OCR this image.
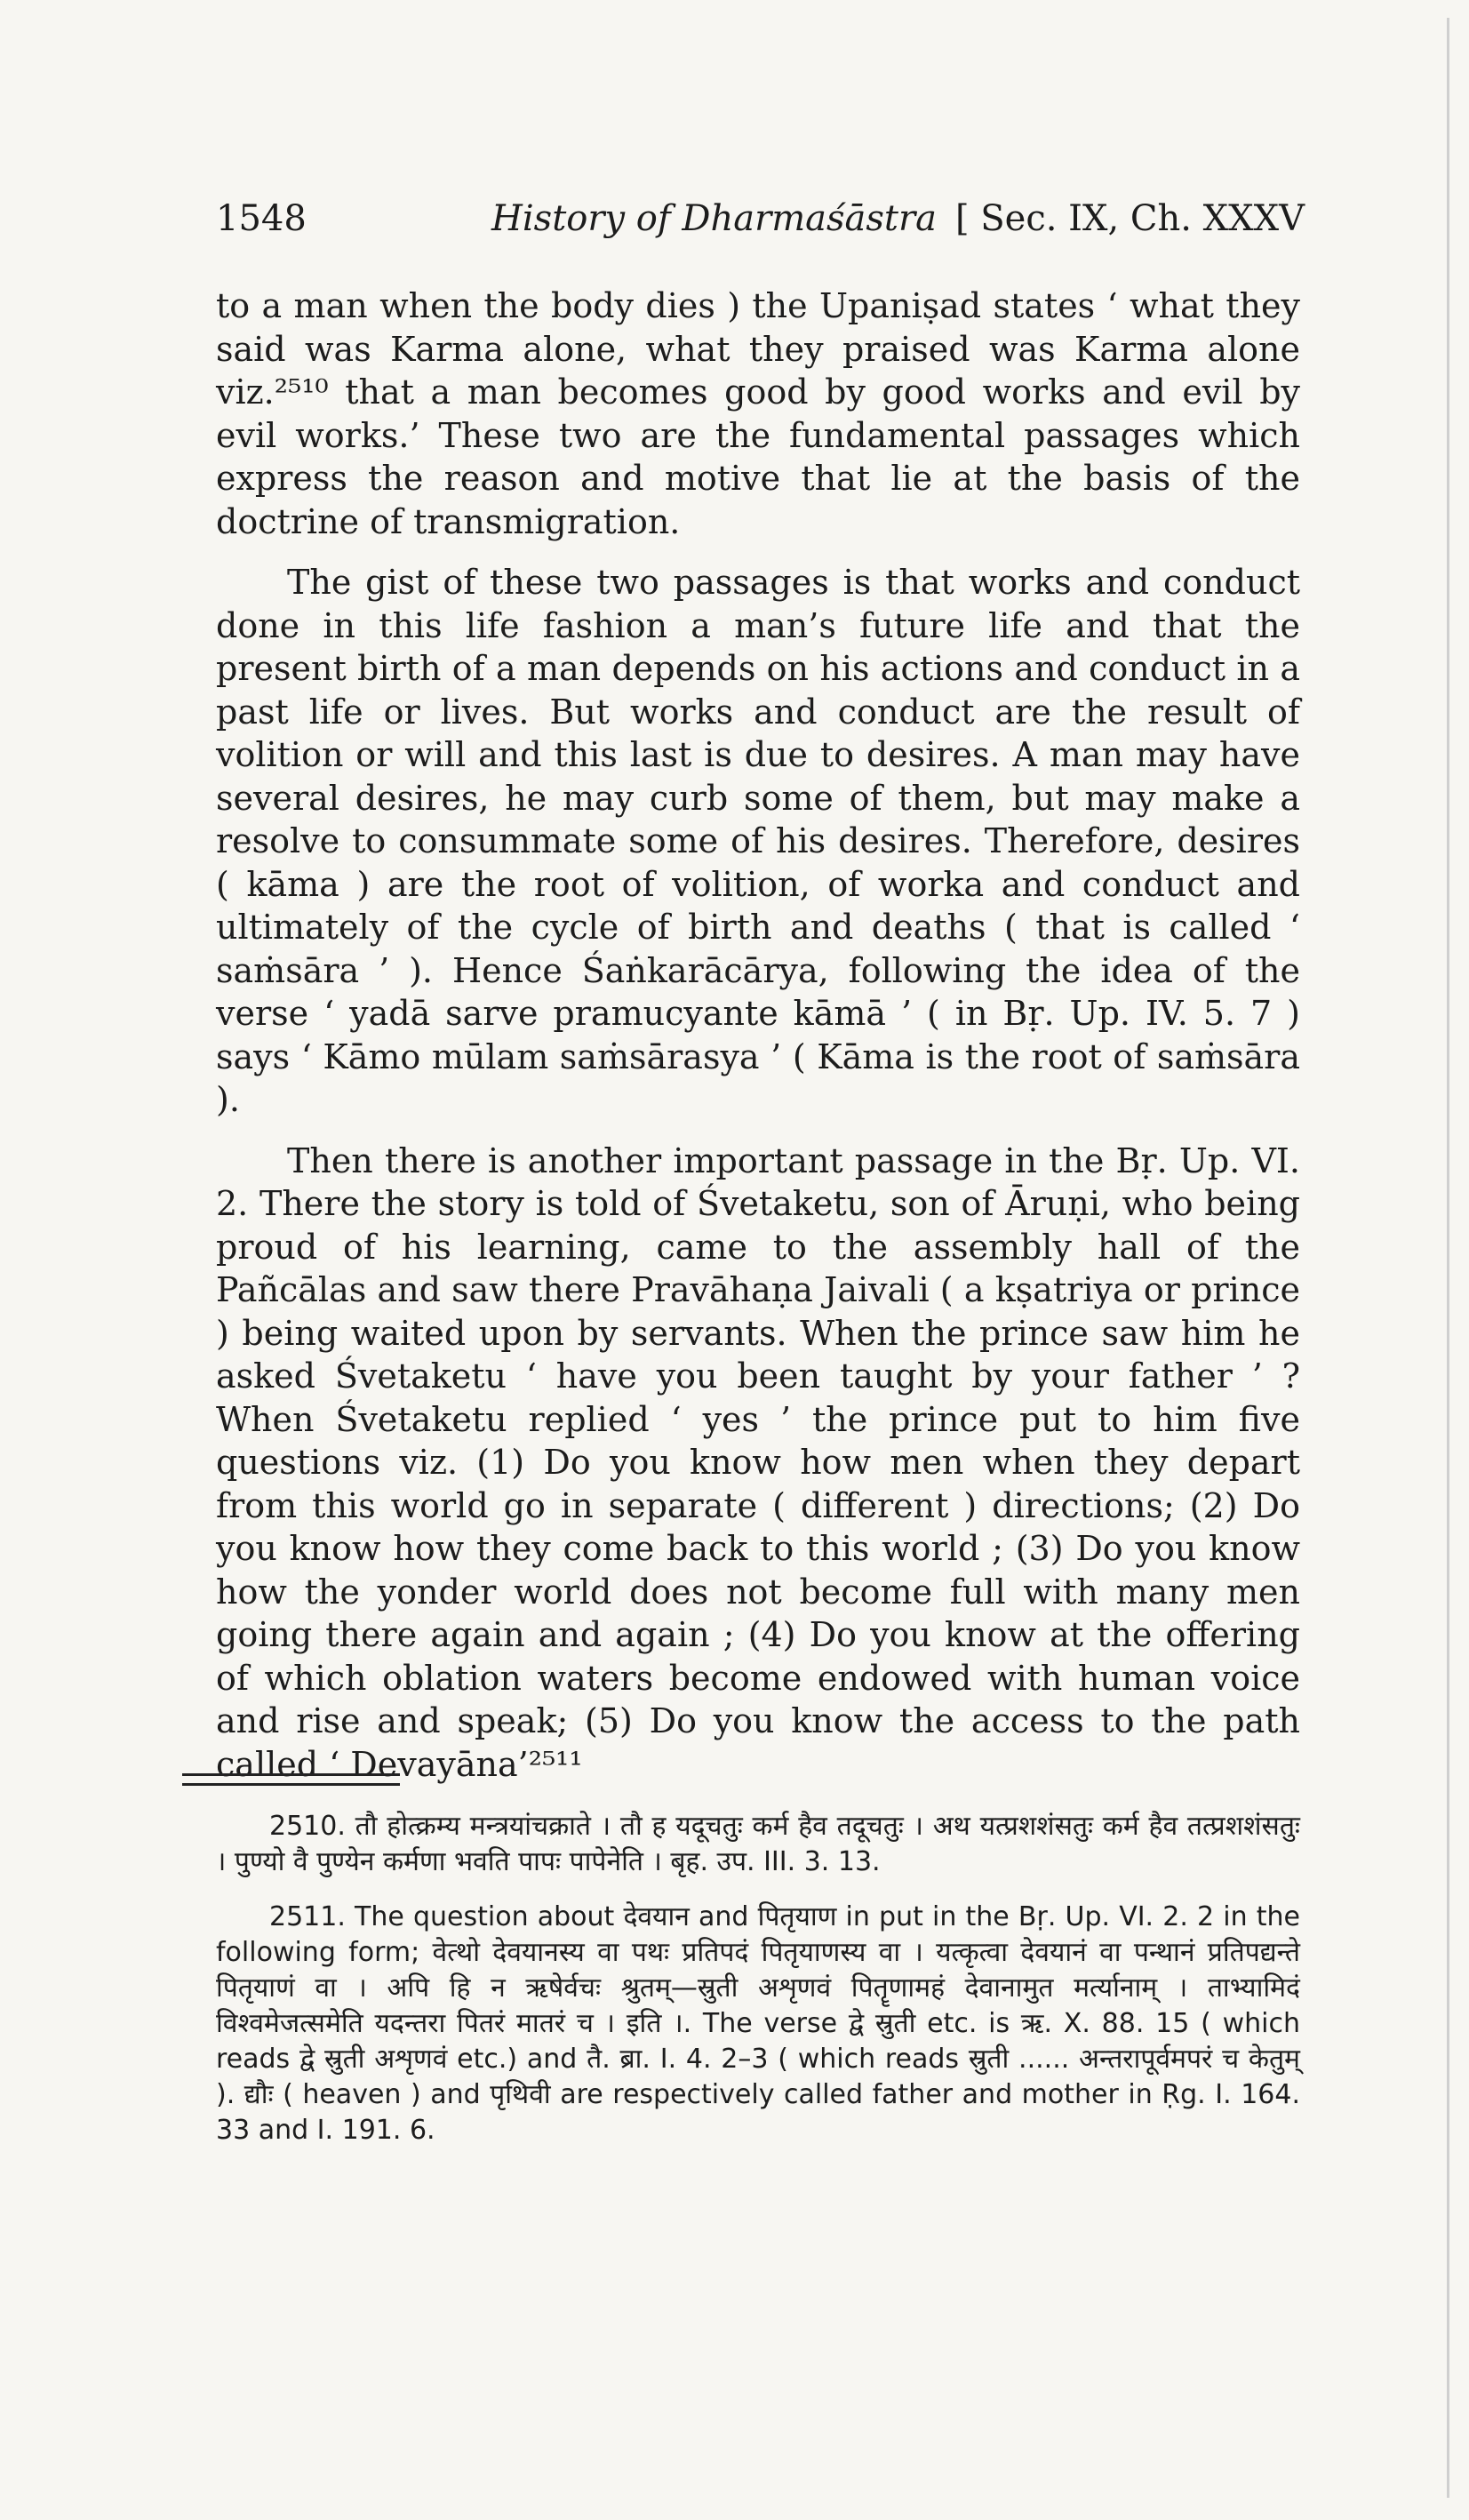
1548	History of Dharmaśāstra [ Sec. IX, Ch. XXXV

to a man when the body dies ) the Upaniṣad states ‘ what they said was Karma alone, what they praised was Karma alone viz.²⁵¹⁰ that a man becomes good by good works and evil by evil works.’ These two are the fundamental passages which express the reason and motive that lie at the basis of the doctrine of transmigration.

The gist of these two passages is that works and conduct done in this life fashion a man’s future life and that the present birth of a man depends on his actions and conduct in a past life or lives. But works and conduct are the result of volition or will and this last is due to desires. A man may have several desires, he may curb some of them, but may make a resolve to consummate some of his desires. Therefore, desires ( kāma ) are the root of volition, of worka and conduct and ultimately of the cycle of birth and deaths ( that is called ‘ saṁsāra ’ ). Hence Śaṅkarācārya, following the idea of the verse ‘ yadā sarve pramucyante kāmā ’ ( in Bṛ. Up. IV. 5. 7 ) says ‘ Kāmo mūlam saṁsārasya ’ ( Kāma is the root of saṁsāra ).

Then there is another important passage in the Bṛ. Up. VI. 2. There the story is told of Śvetaketu, son of Āruṇi, who being proud of his learning, came to the assembly hall of the Pañcālas and saw there Pravāhaṇa Jaivali ( a kṣatriya or prince ) being waited upon by servants. When the prince saw him he asked Śvetaketu ‘ have you been taught by your father ’ ? When Śvetaketu replied ‘ yes ’ the prince put to him five questions viz. (1) Do you know how men when they depart from this world go in separate ( different ) directions; (2) Do you know how they come back to this world ; (3) Do you know how the yonder world does not become full with many men going there again and again ; (4) Do you know at the offering of which oblation waters become endowed with human voice and rise and speak; (5) Do you know the access to the path called ‘ Devayāna’²⁵¹¹

2510. तौ होत्क्रम्य मन्त्रयांचक्राते । तौ ह यदूचतुः कर्म हैव तदूचतुः । अथ यत्प्रशशंसतुः कर्म हैव तत्प्रशशंसतुः । पुण्यो वै पुण्येन कर्मणा भवति पापः पापेनेति । बृह. उप. III. 3. 13.

2511. The question about देवयान and पितृयाण in put in the Bṛ. Up. VI. 2. 2 in the following form; वेत्थो देवयानस्य वा पथः प्रतिपदं पितृयाणस्य वा । यत्कृत्वा देवयानं वा पन्थानं प्रतिपद्यन्ते पितृयाणं वा । अपि हि न ऋषेर्वचः श्रुतम्—स्रुती अशृणवं पितॄणामहं देवानामुत मर्त्यानाम् । ताभ्यामिदं विश्वमेजत्समेति यदन्तरा पितरं मातरं च । इति ।. The verse द्वे स्रुती etc. is ऋ. X. 88. 15 ( which reads द्वे स्रुती अशृणवं etc.) and तै. ब्रा. I. 4. 2–3 ( which reads स्रुती ...... अन्तरापूर्वमपरं च केतुम् ). द्यौः ( heaven ) and पृथिवी are respectively called father and mother in Ṛg. I. 164. 33 and I. 191. 6.
